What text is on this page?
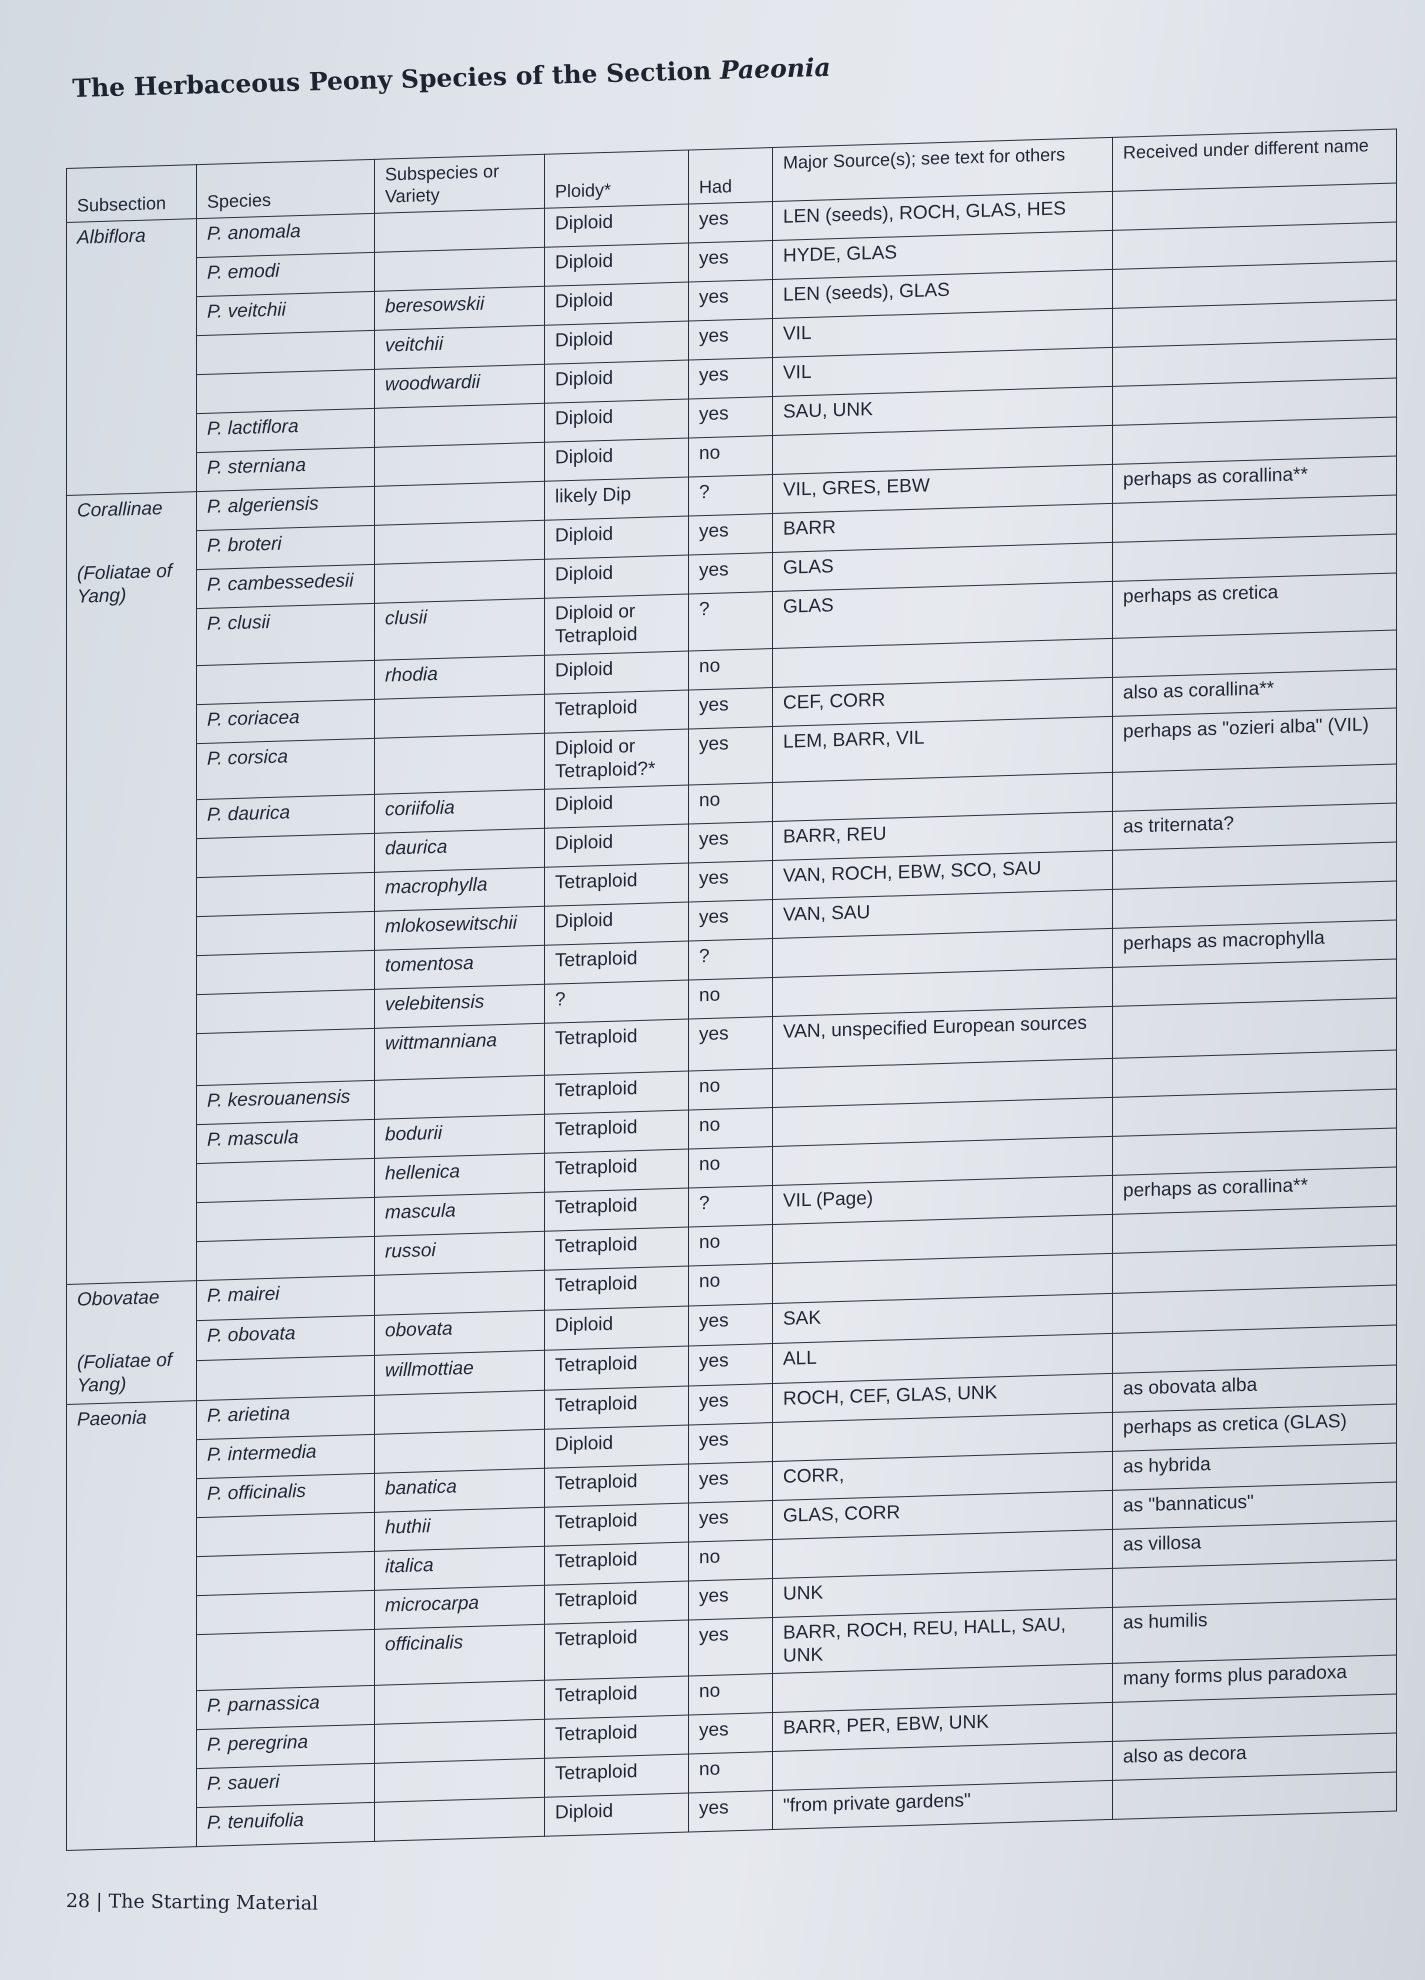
The Herbaceous Peony Species of the Section Paeonia
Subsection	Species	Subspecies or Variety	Ploidy*	Had	Major Source(s); see text for others	Received under different name

Albiflora	P. anomala		Diploid	yes	LEN (seeds), ROCH, GLAS, HES	
	P. emodi		Diploid	yes	HYDE, GLAS	
	P. veitchii	beresowskii	Diploid	yes	LEN (seeds), GLAS	
		veitchii	Diploid	yes	VIL	
		woodwardii	Diploid	yes	VIL	
	P. lactiflora		Diploid	yes	SAU, UNK	
	P. sterniana		Diploid	no		

Corallinae
(Foliatae of Yang)	P. algeriensis		likely Dip	?	VIL, GRES, EBW	perhaps as corallina**
	P. broteri		Diploid	yes	BARR	
	P. cambessedesii		Diploid	yes	GLAS	
	P. clusii	clusii	Diploid or Tetraploid	?	GLAS	perhaps as cretica
		rhodia	Diploid	no		
	P. coriacea		Tetraploid	yes	CEF, CORR	also as corallina**
	P. corsica		Diploid or Tetraploid?*	yes	LEM, BARR, VIL	perhaps as "ozieri alba" (VIL)
	P. daurica	coriifolia	Diploid	no		
		daurica	Diploid	yes	BARR, REU	as triternata?
		macrophylla	Tetraploid	yes	VAN, ROCH, EBW, SCO, SAU	
		mlokosewitschii	Diploid	yes	VAN, SAU	
		tomentosa	Tetraploid	?		perhaps as macrophylla
		velebitensis	?	no		
		wittmanniana	Tetraploid	yes	VAN, unspecified European sources	
	P. kesrouanensis		Tetraploid	no		
	P. mascula	bodurii	Tetraploid	no		
		hellenica	Tetraploid	no		
		mascula	Tetraploid	?	VIL (Page)	perhaps as corallina**
		russoi	Tetraploid	no		

Obovatae
(Foliatae of Yang)	P. mairei		Tetraploid	no		
	P. obovata	obovata	Diploid	yes	SAK	
		willmottiae	Tetraploid	yes	ALL	

Paeonia	P. arietina		Tetraploid	yes	ROCH, CEF, GLAS, UNK	as obovata alba
	P. intermedia		Diploid	yes		perhaps as cretica (GLAS)
	P. officinalis	banatica	Tetraploid	yes	CORR,	as hybrida
		huthii	Tetraploid	yes	GLAS, CORR	as "bannaticus"
		italica	Tetraploid	no		as villosa
		microcarpa	Tetraploid	yes	UNK	
		officinalis	Tetraploid	yes	BARR, ROCH, REU, HALL, SAU, UNK	as humilis
	P. parnassica		Tetraploid	no		many forms plus paradoxa
	P. peregrina		Tetraploid	yes	BARR, PER, EBW, UNK	
	P. saueri		Tetraploid	no		also as decora
	P. tenuifolia		Diploid	yes	"from private gardens"	
28 | The Starting Material
